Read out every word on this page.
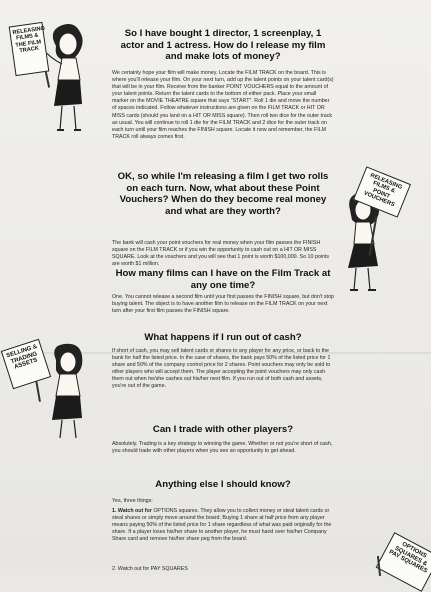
RELEASING FILMS & THE FILM TRACK
RELEASING FILMS & POINT VOUCHERS
SELLING & TRADING ASSETS
OPTIONS SQUARES & PAY SQUARES
So I have bought 1 director, 1 screenplay, 1 actor and 1 actress. How do I release my film and make lots of money?

We certainly hope your film will make money. Locate the FILM TRACK on the board. This is where you'll release your film. On your next turn, add up the talent points on your talent card(s) that will be in your film. Receive from the banker POINT VOUCHERS equal to the amount of your talent points. Return the talent cards to the bottom of either pack. Place your small marker on the MOVIE THEATRE square that says "START". Roll 1 die and move the number of spaces indicated. Follow whatever instructions are given on the FILM TRACK or HIT OR MISS cards (should you land on a HIT OR MISS square). Then roll two dice for the outer track as usual. You will continue to roll 1 die for the FILM TRACK and 2 dice for the outer track on each turn until your film reaches the FINISH square. Locate it now and remember, the FILM TRACK roll always comes first.

OK, so while I'm releasing a film I get two rolls on each turn. Now, what about these Point Vouchers? When do they become real money and what are they worth?

The bank will cash your point vouchers for real money when your film passes the FINISH square on the FILM TRACK or if you win the opportunity to cash out on a HIT OR MISS SQUARE. Look at the vouchers and you will see that 1 point is worth $100,000. So 10 points are worth $1 million.

How many films can I have on the Film Track at any one time?

One. You cannot release a second film until your first passes the FINISH square, but don't stop buying talent. The object is to have another film to release on the FILM TRACK on your next turn after your first film passes the FINISH square.

What happens if I run out of cash?

If short of cash, you may sell talent cards or shares to any player for any price, or back to the bank for half the listed price. In the case of shares, the bank pays 50% of the listed price for 1 share and 50% of the company control price for 2 shares. Point vouchers may only be sold to other players who will accept them. The player accepting the point vouchers may only cash them out when he/she cashes out his/her next film. If you run out of both cash and assets, you're out of the game.

Can I trade with other players?

Absolutely. Trading is a key strategy to winning the game. Whether or not you're short of cash, you should trade with other players when you see an opportunity to get ahead.

Anything else I should know?

Yes, three things:

1. Watch out for OPTIONS squares. They allow you to collect money or steal talent cards or steal shares or simply move around the board. Buying 1 share at half price from any player means paying 50% of the listed price for 1 share regardless of what was paid originally for the share. If a player loses his/her share to another player, he must hand over his/her Company Share card and remove his/her share peg from the board.

2. Watch out for PAY SQUARES
